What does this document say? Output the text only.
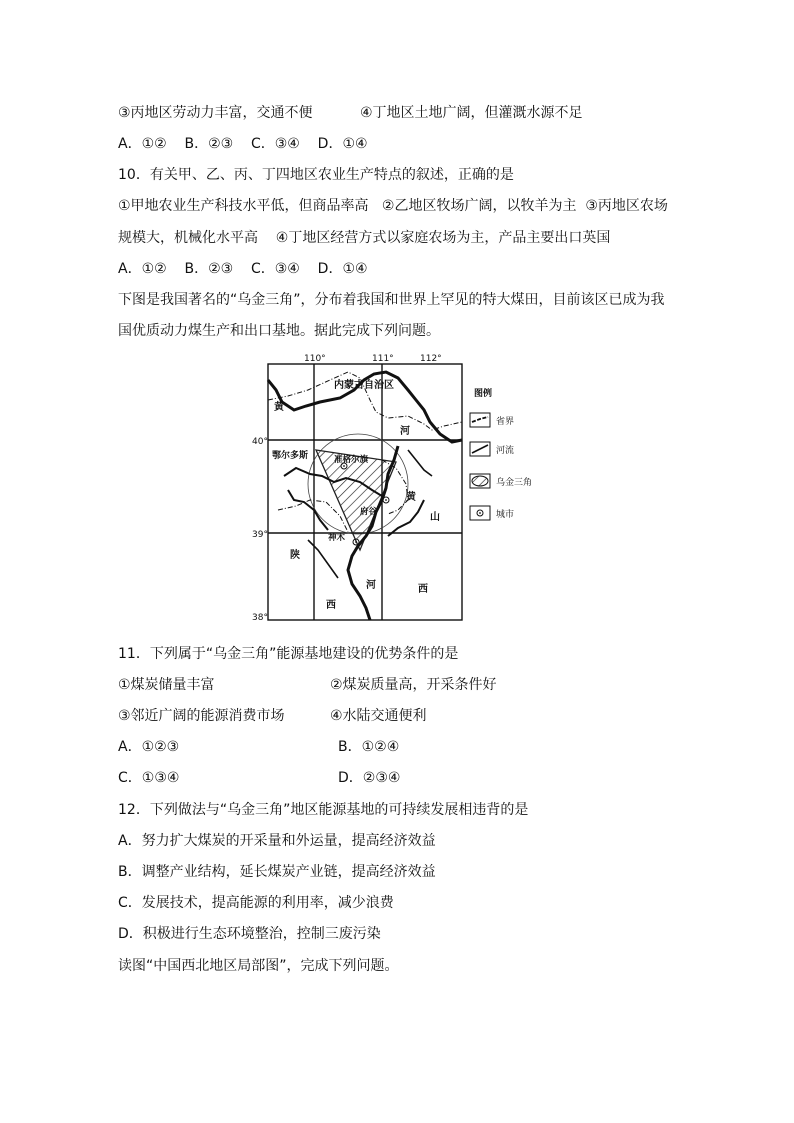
③丙地区劳动力丰富，交通不便	④丁地区土地广阔，但灌溉水源不足
A．①②    B．②③    C．③④    D．①④
10．有关甲、乙、丙、丁四地区农业生产特点的叙述，正确的是
①甲地农业生产科技水平低，但商品率高   ②乙地区牧场广阔，以牧羊为主  ③丙地区农场
规模大，机械化水平高    ④丁地区经营方式以家庭农场为主，产品主要出口英国
A．①②    B．②③    C．③④    D．①④
下图是我国著名的“乌金三角”，分布着我国和世界上罕见的特大煤田，目前该区已成为我
国优质动力煤生产和出口基地。据此完成下列问题。
110°	111°	112°
40°
39°
38°
内蒙古自治区
黄
河
鄂尔多斯	准格尔旗
府谷
神木
黄
山
陕
西
河	西
图例
省界
河流
乌金三角
城市
11．下列属于“乌金三角”能源基地建设的优势条件的是
①煤炭储量丰富	②煤炭质量高，开采条件好
③邻近广阔的能源消费市场	④水陆交通便利
A．①②③	B．①②④
C．①③④	D．②③④
12．下列做法与“乌金三角”地区能源基地的可持续发展相违背的是
A．努力扩大煤炭的开采量和外运量，提高经济效益
B．调整产业结构，延长煤炭产业链，提高经济效益
C．发展技术，提高能源的利用率，减少浪费
D．积极进行生态环境整治，控制三废污染
读图“中国西北地区局部图”，完成下列问题。
